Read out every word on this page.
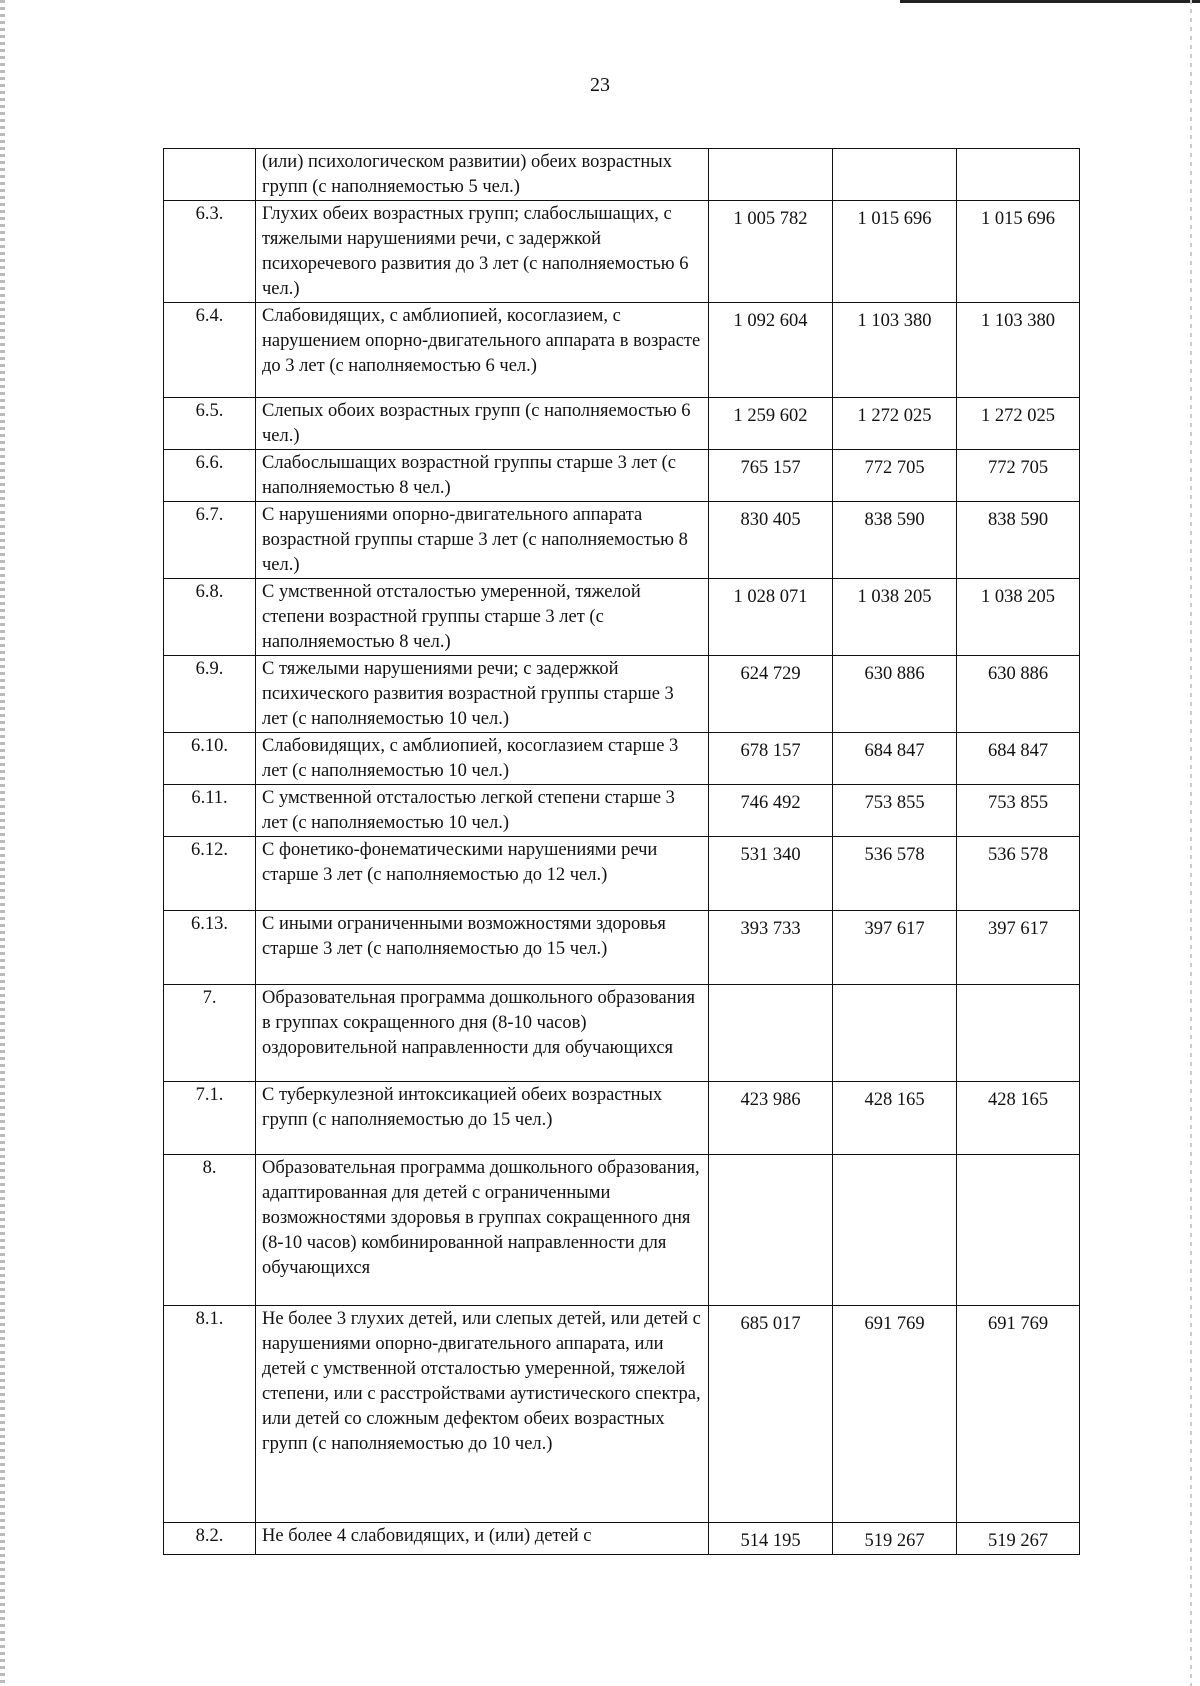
23
	(или) психологическом развитии) обеих возрастных групп (с наполняемостью 5 чел.)			
6.3.	Глухих обеих возрастных групп; слабослышащих, с тяжелыми нарушениями речи, с задержкой психоречевого развития до 3 лет (с наполняемостью 6 чел.)	1 005 782	1 015 696	1 015 696
6.4.	Слабовидящих, с амблиопией, косоглазием, с нарушением опорно-двигательного аппарата в возрасте до 3 лет (с наполняемостью 6 чел.)	1 092 604	1 103 380	1 103 380
6.5.	Слепых обоих возрастных групп (с наполняемостью 6 чел.)	1 259 602	1 272 025	1 272 025
6.6.	Слабослышащих возрастной группы старше 3 лет (с наполняемостью 8 чел.)	765 157	772 705	772 705
6.7.	С нарушениями опорно-двигательного аппарата возрастной группы старше 3 лет (с наполняемостью 8 чел.)	830 405	838 590	838 590
6.8.	С умственной отсталостью умеренной, тяжелой степени возрастной группы старше 3 лет (с наполняемостью 8 чел.)	1 028 071	1 038 205	1 038 205
6.9.	С тяжелыми нарушениями речи; с задержкой психического развития возрастной группы старше 3 лет (с наполняемостью 10 чел.)	624 729	630 886	630 886
6.10.	Слабовидящих, с амблиопией, косоглазием старше 3 лет (с наполняемостью 10 чел.)	678 157	684 847	684 847
6.11.	С умственной отсталостью легкой степени старше 3 лет (с наполняемостью 10 чел.)	746 492	753 855	753 855
6.12.	С фонетико-фонематическими нарушениями речи старше 3 лет (с наполняемостью до 12 чел.)	531 340	536 578	536 578
6.13.	С иными ограниченными возможностями здоровья старше 3 лет (с наполняемостью до 15 чел.)	393 733	397 617	397 617
7.	Образовательная программа дошкольного образования в группах сокращенного дня (8-10 часов) оздоровительной направленности для обучающихся			
7.1.	С туберкулезной интоксикацией обеих возрастных групп (с наполняемостью до 15 чел.)	423 986	428 165	428 165
8.	Образовательная программа дошкольного образования, адаптированная для детей с ограниченными возможностями здоровья в группах сокращенного дня (8-10 часов) комбинированной направленности для обучающихся			
8.1.	Не более 3 глухих детей, или слепых детей, или детей с нарушениями опорно-двигательного аппарата, или детей с умственной отсталостью умеренной, тяжелой степени, или с расстройствами аутистического спектра, или детей со сложным дефектом обеих возрастных групп (с наполняемостью до 10 чел.)	685 017	691 769	691 769
8.2.	Не более 4 слабовидящих, и (или) детей с	514 195	519 267	519 267
